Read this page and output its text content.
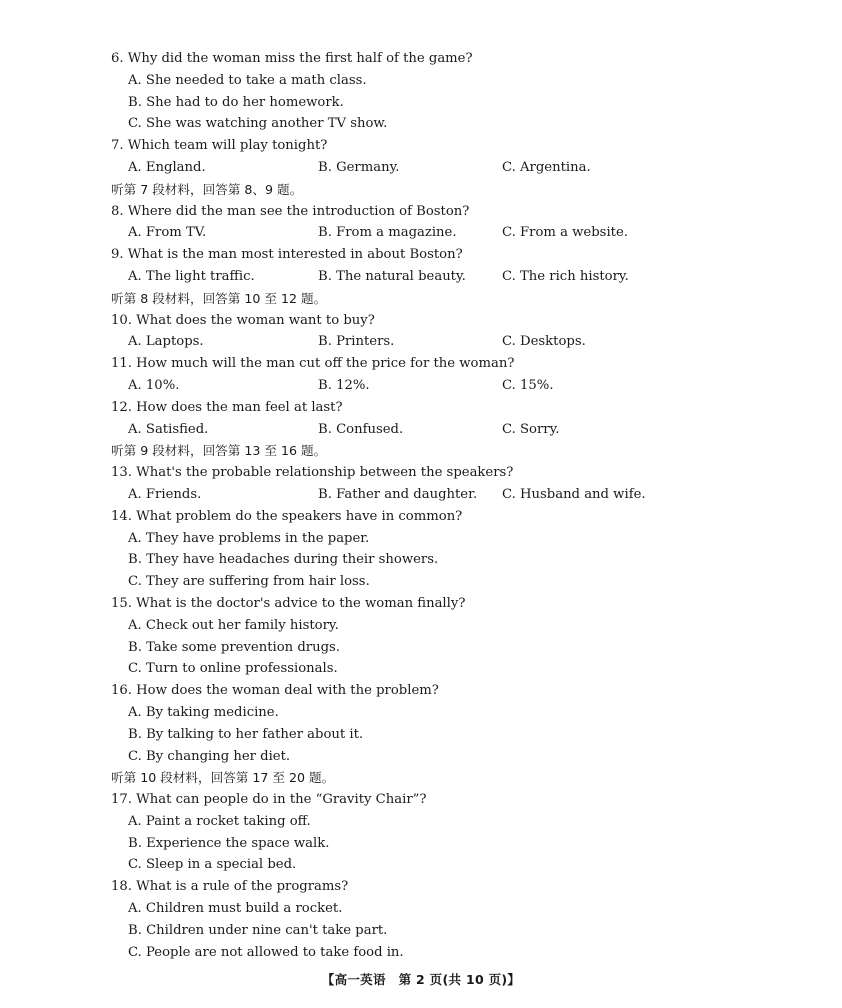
6. Why did the woman miss the first half of the game?
A. She needed to take a math class.
B. She had to do her homework.
C. She was watching another TV show.
7. Which team will play tonight?
A. England.	B. Germany.	C. Argentina.
听第 7 段材料，回答第 8、9 题。
8. Where did the man see the introduction of Boston?
A. From TV.	B. From a magazine.	C. From a website.
9. What is the man most interested in about Boston?
A. The light traffic.	B. The natural beauty.	C. The rich history.
听第 8 段材料，回答第 10 至 12 题。
10. What does the woman want to buy?
A. Laptops.	B. Printers.	C. Desktops.
11. How much will the man cut off the price for the woman?
A. 10%.	B. 12%.	C. 15%.
12. How does the man feel at last?
A. Satisfied.	B. Confused.	C. Sorry.
听第 9 段材料，回答第 13 至 16 题。
13. What's the probable relationship between the speakers?
A. Friends.	B. Father and daughter.	C. Husband and wife.
14. What problem do the speakers have in common?
A. They have problems in the paper.
B. They have headaches during their showers.
C. They are suffering from hair loss.
15. What is the doctor's advice to the woman finally?
A. Check out her family history.
B. Take some prevention drugs.
C. Turn to online professionals.
16. How does the woman deal with the problem?
A. By taking medicine.
B. By talking to her father about it.
C. By changing her diet.
听第 10 段材料，回答第 17 至 20 题。
17. What can people do in the “Gravity Chair”?
A. Paint a rocket taking off.
B. Experience the space walk.
C. Sleep in a special bed.
18. What is a rule of the programs?
A. Children must build a rocket.
B. Children under nine can't take part.
C. People are not allowed to take food in.
【高一英语　第 2 页(共 10 页)】
